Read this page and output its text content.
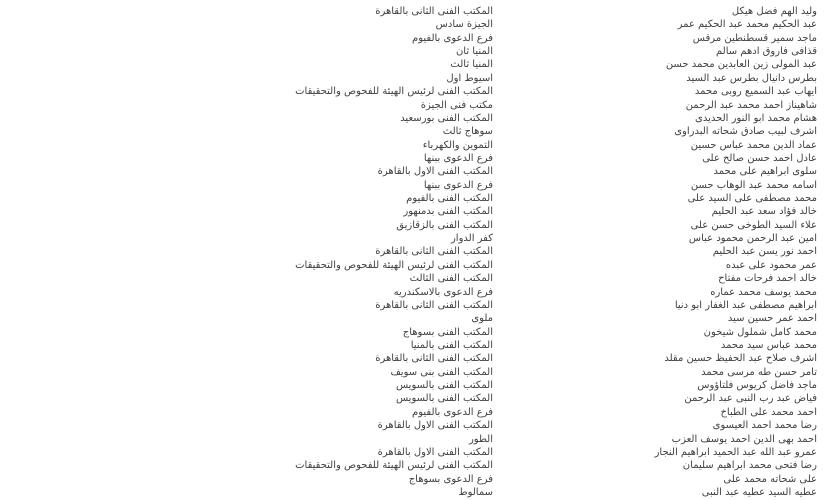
المكتب الفنى الثانى بالقاهرة	وليد الهم فضل هيكل
الجيزة سادس	عبد الحكيم محمد عبد الحكيم عمر
فرع الدعوى بالفيوم	ماجد سمير قسطنطين مرقس
المنيا ثان	قذافى فاروق ادهم سالم
المنيا ثالث	عبد المولى زين العابدين محمد حسن
اسيوط اول	بطرس دانيال بطرس عبد السيد
المكتب الفنى لرئيس الهيئة للفحوص والتحقيقات	ايهاب عبد السميع روبى محمد
مكتب فنى الجيزة	شاهيناز احمد محمد عبد الرحمن
المكتب الفنى بورسعيد	هشام محمد ابو النور الحديدى
سوهاج ثالث	اشرف لبيب صادق شحاته البدراوى
التموين والكهرباء	عماد الدين محمد عباس حسين
فرع الدعوى ببنها	عادل احمد حسن صالح على
المكتب الفنى الاول بالقاهرة	سلوى ابراهيم على محمد
فرع الدعوى ببنها	اسامه محمد عبد الوهاب حسن
المكتب الفنى بالفيوم	محمد مصطفى على السيد على
المكتب الفنى بدمنهور	خالد فؤاد سعد عبد الحليم
المكتب الفنى بالزقازيق	علاء السيد الطوخى حسن على
كفر الدوار	امين عبد الرحمن محمود عباس
المكتب الفنى الثانى بالقاهرة	احمد نور يسن عبد الحليم
المكتب الفنى لرئيس الهيئة للفحوص والتحقيقات	عمر محمود على عبده
المكتب الفنى الثالث	خالد احمد فرحات مفتاح
فرع الدعوى بالاسكندريه	محمد يوسف محمد عماره
المكتب الفنى الثانى بالقاهرة	ابراهيم مصطفى عبد الغفار ابو دنيا
ملوى	احمد عمر حسين سيد
المكتب الفنى بسوهاج	محمد كامل شملول شيخون
المكتب الفنى بالمنيا	محمد عباس سيد محمد
المكتب الفنى الثانى بالقاهرة	اشرف صلاح عبد الحفيظ حسين مقلد
المكتب الفنى بنى سويف	تامر حسن طه مرسى محمد
المكتب الفنى بالسويس	ماجد فاضل كريوس فلتاؤوس
المكتب الفنى بالسويس	فياض عبد رب النبى عبد الرحمن
فرع الدعوى بالفيوم	احمد محمد على الطباخ
المكتب الفنى الاول بالقاهرة	رضا محمد احمد العيسوى
الطور	احمد بهى الدين احمد يوسف العزب
المكتب الفنى الاول بالقاهرة	عمرو عبد الله عبد الحميد ابراهيم النجار
المكتب الفنى لرئيس الهيئة للفحوص والتحقيقات	رضا فتحى محمد ابراهيم سليمان
فرع الدعوى بسوهاج	على شحاته محمد على
سمالوط	عطيه السيد عطيه عبد النبى
